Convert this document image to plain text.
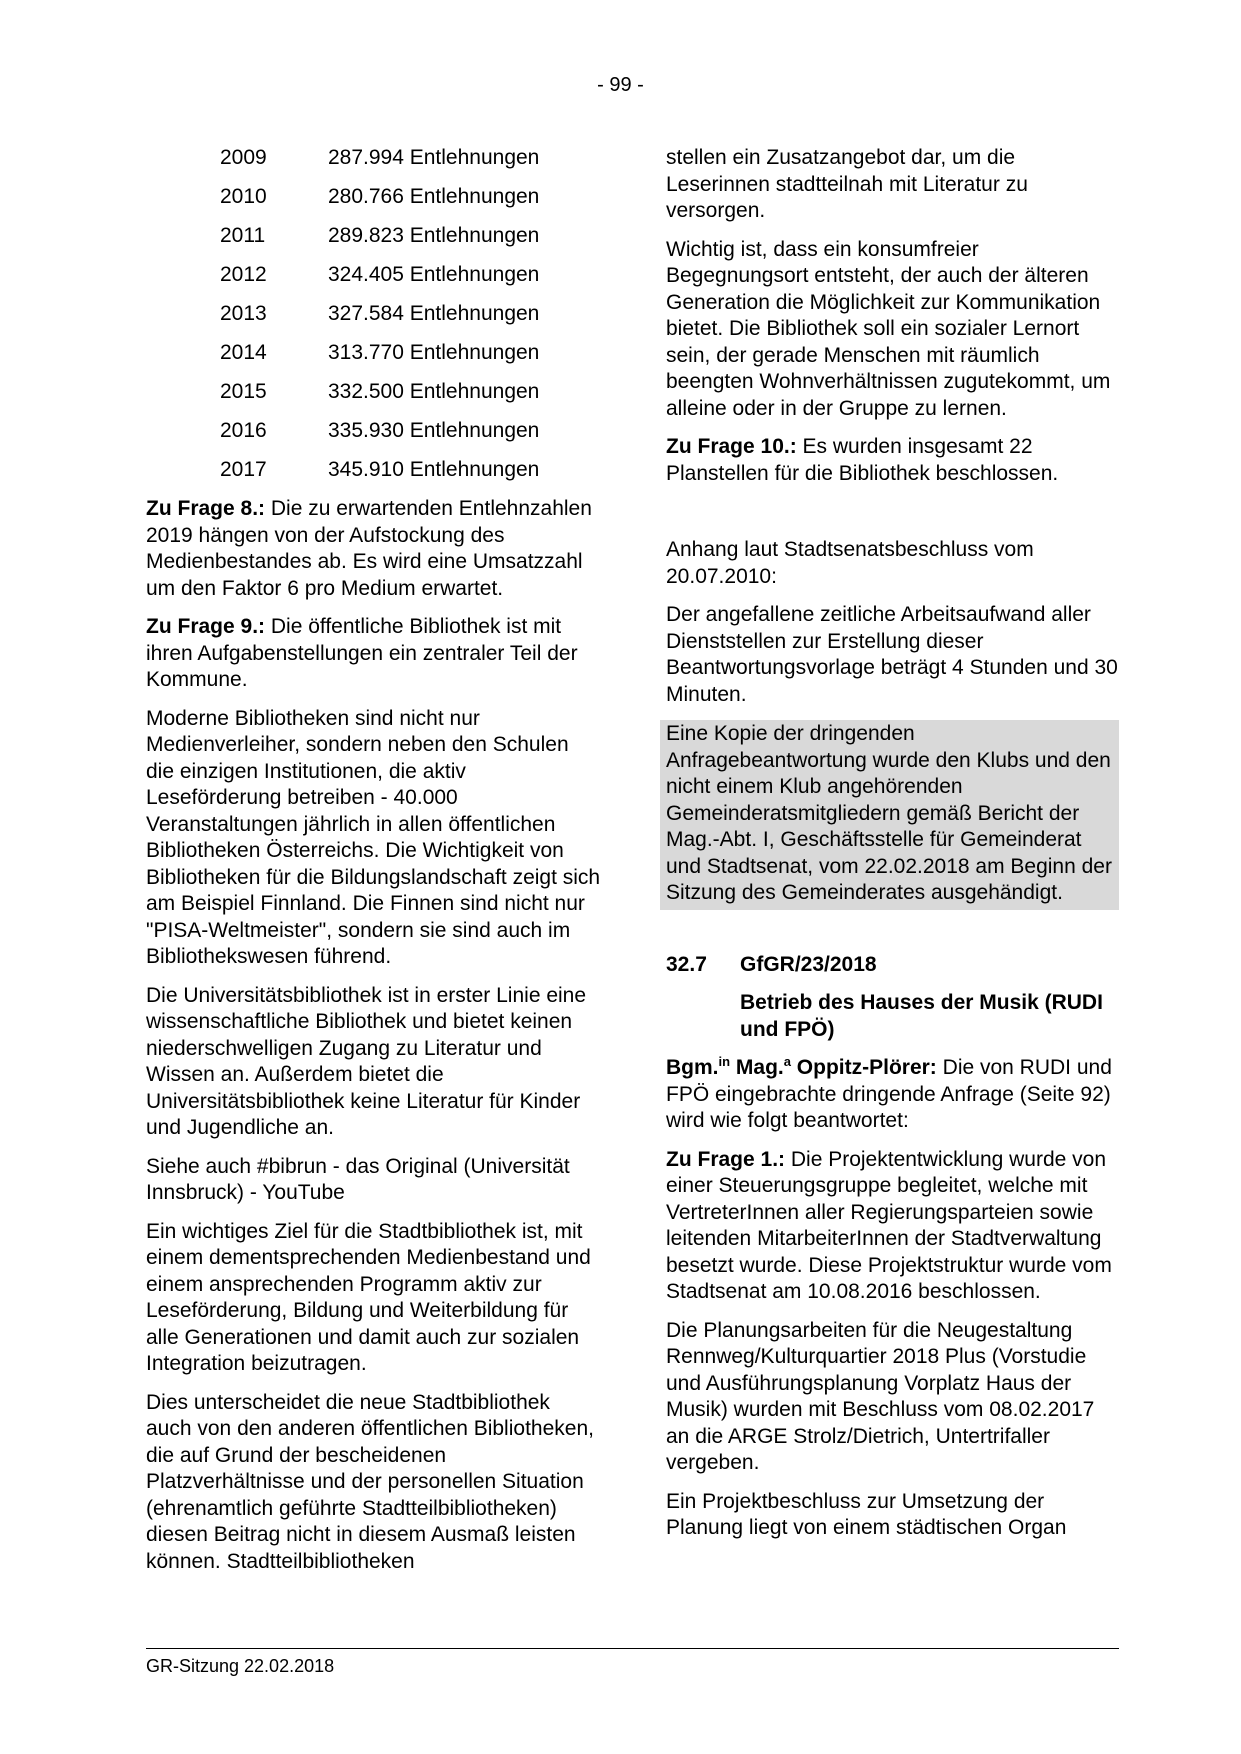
- 99 -
2009	287.994 Entlehnungen
2010	280.766 Entlehnungen
2011	289.823 Entlehnungen
2012	324.405 Entlehnungen
2013	327.584 Entlehnungen
2014	313.770 Entlehnungen
2015	332.500 Entlehnungen
2016	335.930 Entlehnungen
2017	345.910 Entlehnungen

Zu Frage 8.: Die zu erwartenden Entlehnzahlen 2019 hängen von der Aufstockung des Medienbestandes ab. Es wird eine Umsatzzahl um den Faktor 6 pro Medium erwartet.

Zu Frage 9.: Die öffentliche Bibliothek ist mit ihren Aufgabenstellungen ein zentraler Teil der Kommune.

Moderne Bibliotheken sind nicht nur Medienverleiher, sondern neben den Schulen die einzigen Institutionen, die aktiv Leseförderung betreiben - 40.000 Veranstaltungen jährlich in allen öffentlichen Bibliotheken Österreichs. Die Wichtigkeit von Bibliotheken für die Bildungslandschaft zeigt sich am Beispiel Finnland. Die Finnen sind nicht nur "PISA-Weltmeister", sondern sie sind auch im Bibliothekswesen führend.

Die Universitätsbibliothek ist in erster Linie eine wissenschaftliche Bibliothek und bietet keinen niederschwelligen Zugang zu Literatur und Wissen an. Außerdem bietet die Universitätsbibliothek keine Literatur für Kinder und Jugendliche an.

Siehe auch #bibrun - das Original (Universität Innsbruck) - YouTube

Ein wichtiges Ziel für die Stadtbibliothek ist, mit einem dementsprechenden Medienbestand und einem ansprechenden Programm aktiv zur Leseförderung, Bildung und Weiterbildung für alle Generationen und damit auch zur sozialen Integration beizutragen.

Dies unterscheidet die neue Stadtbibliothek auch von den anderen öffentlichen Bibliotheken, die auf Grund der bescheidenen Platzverhältnisse und der personellen Situation (ehrenamtlich geführte Stadtteilbibliotheken) diesen Beitrag nicht in diesem Ausmaß leisten können. Stadtteilbibliotheken

stellen ein Zusatzangebot dar, um die Leserinnen stadtteilnah mit Literatur zu versorgen.

Wichtig ist, dass ein konsumfreier Begegnungsort entsteht, der auch der älteren Generation die Möglichkeit zur Kommunikation bietet. Die Bibliothek soll ein sozialer Lernort sein, der gerade Menschen mit räumlich beengten Wohnverhältnissen zugutekommt, um alleine oder in der Gruppe zu lernen.

Zu Frage 10.: Es wurden insgesamt 22 Planstellen für die Bibliothek beschlossen.

Anhang laut Stadtsenatsbeschluss vom 20.07.2010:

Der angefallene zeitliche Arbeitsaufwand aller Dienststellen zur Erstellung dieser Beantwortungsvorlage beträgt 4 Stunden und 30 Minuten.

Eine Kopie der dringenden Anfragebeantwortung wurde den Klubs und den nicht einem Klub angehörenden Gemeinderatsmitgliedern gemäß Bericht der Mag.-Abt. I, Geschäftsstelle für Gemeinderat und Stadtsenat, vom 22.02.2018 am Beginn der Sitzung des Gemeinderates ausgehändigt.

32.7	GfGR/23/2018
Betrieb des Hauses der Musik (RUDI und FPÖ)

Bgm.$^{in}$ Mag.$^a$ Oppitz-Plörer: Die von RUDI und FPÖ eingebrachte dringende Anfrage (Seite 92) wird wie folgt beantwortet:

Zu Frage 1.: Die Projektentwicklung wurde von einer Steuerungsgruppe begleitet, welche mit VertreterInnen aller Regierungsparteien sowie leitenden MitarbeiterInnen der Stadtverwaltung besetzt wurde. Diese Projektstruktur wurde vom Stadtsenat am 10.08.2016 beschlossen.

Die Planungsarbeiten für die Neugestaltung Rennweg/Kulturquartier 2018 Plus (Vorstudie und Ausführungsplanung Vorplatz Haus der Musik) wurden mit Beschluss vom 08.02.2017 an die ARGE Strolz/Dietrich, Untertrifaller vergeben.

Ein Projektbeschluss zur Umsetzung der Planung liegt von einem städtischen Organ

GR-Sitzung 22.02.2018
